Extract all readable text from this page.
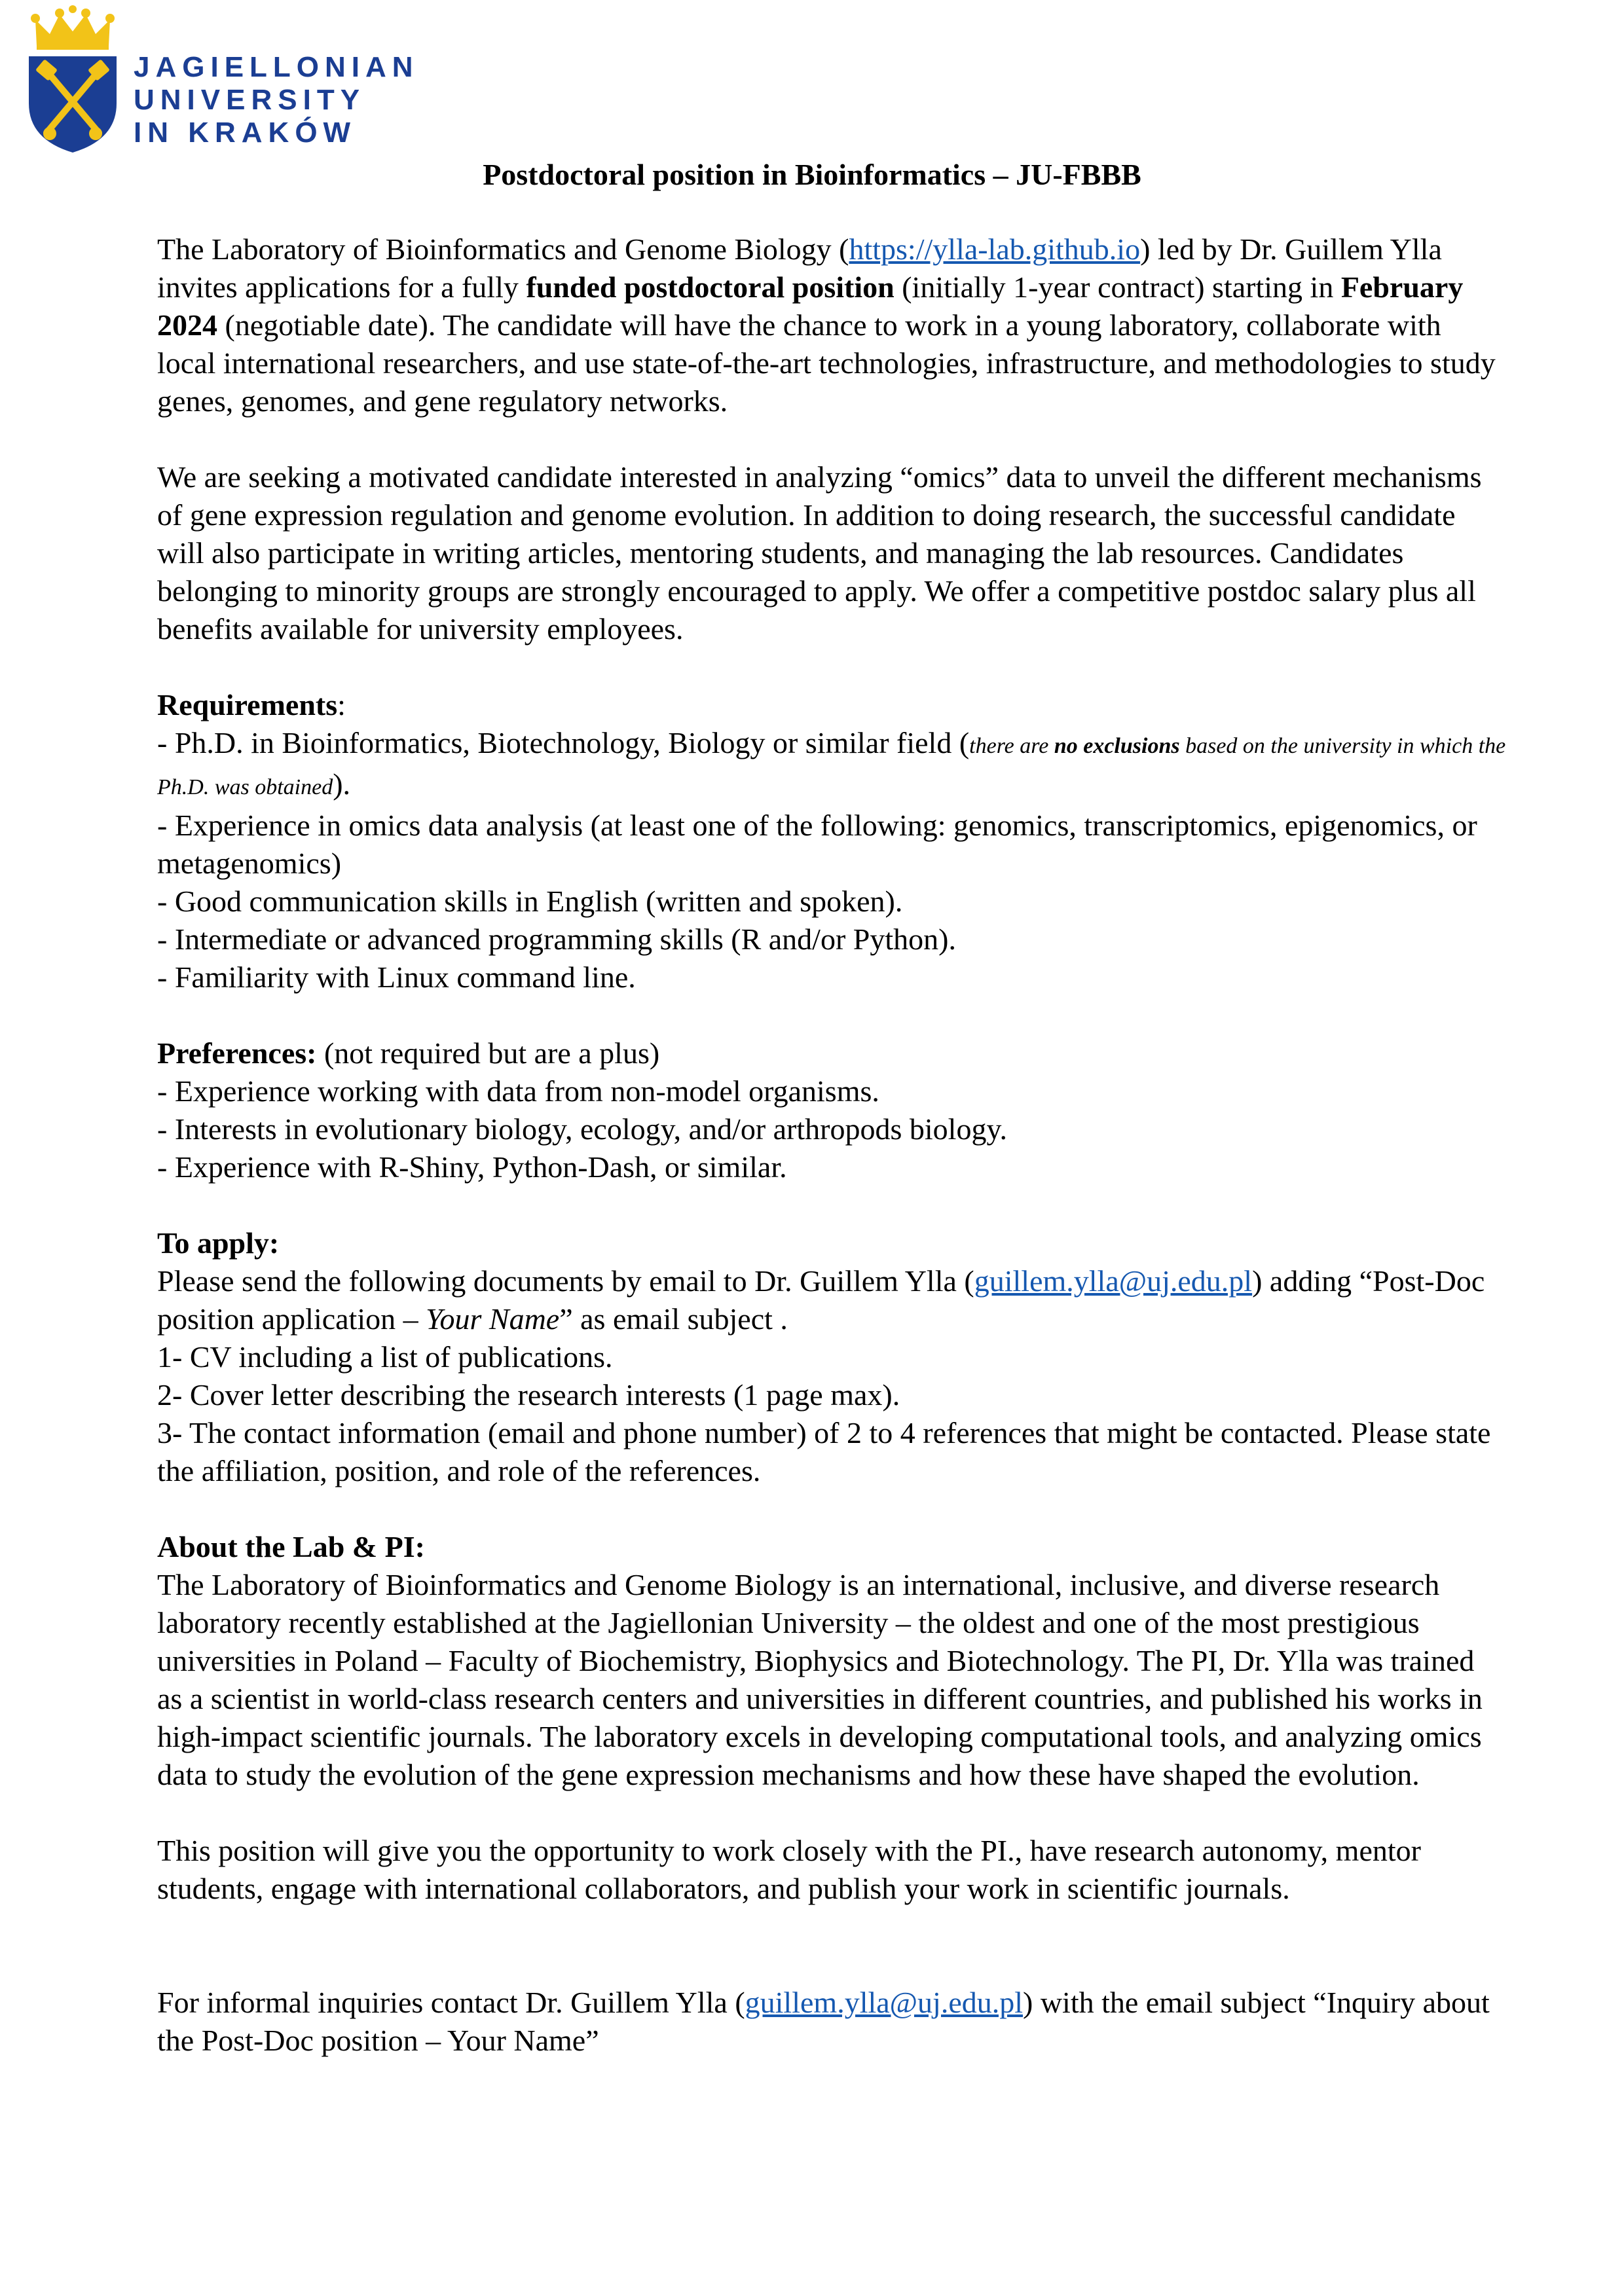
JAGIELLONIAN
UNIVERSITY
IN KRAKÓW
Postdoctoral position in Bioinformatics – JU-FBBB

The Laboratory of Bioinformatics and Genome Biology (https://ylla-lab.github.io) led by Dr. Guillem Ylla invites applications for a fully funded postdoctoral position (initially 1-year contract) starting in February 2024 (negotiable date). The candidate will have the chance to work in a young laboratory, collaborate with local international researchers, and use state-of-the-art technologies, infrastructure, and methodologies to study genes, genomes, and gene regulatory networks.

We are seeking a motivated candidate interested in analyzing “omics” data to unveil the different mechanisms of gene expression regulation and genome evolution. In addition to doing research, the successful candidate will also participate in writing articles, mentoring students, and managing the lab resources. Candidates belonging to minority groups are strongly encouraged to apply. We offer a competitive postdoc salary plus all benefits available for university employees.

Requirements:
- Ph.D. in Bioinformatics, Biotechnology, Biology or similar field (there are no exclusions based on the university in which the Ph.D. was obtained).
- Experience in omics data analysis (at least one of the following: genomics, transcriptomics, epigenomics, or metagenomics)
- Good communication skills in English (written and spoken).
- Intermediate or advanced programming skills (R and/or Python).
- Familiarity with Linux command line.

Preferences: (not required but are a plus)
- Experience working with data from non-model organisms.
- Interests in evolutionary biology, ecology, and/or arthropods biology.
- Experience with R-Shiny, Python-Dash, or similar.

To apply:
Please send the following documents by email to Dr. Guillem Ylla (guillem.ylla@uj.edu.pl) adding “Post-Doc position application – Your Name” as email subject .
1- CV including a list of publications.
2- Cover letter describing the research interests (1 page max).
3- The contact information (email and phone number) of 2 to 4 references that might be contacted. Please state the affiliation, position, and role of the references.

About the Lab & PI:
The Laboratory of Bioinformatics and Genome Biology is an international, inclusive, and diverse research laboratory recently established at the Jagiellonian University – the oldest and one of the most prestigious universities in Poland – Faculty of Biochemistry, Biophysics and Biotechnology. The PI, Dr. Ylla was trained as a scientist in world-class research centers and universities in different countries, and published his works in high-impact scientific journals. The laboratory excels in developing computational tools, and analyzing omics data to study the evolution of the gene expression mechanisms and how these have shaped the evolution.

This position will give you the opportunity to work closely with the PI., have research autonomy, mentor students, engage with international collaborators, and publish your work in scientific journals.

For informal inquiries contact Dr. Guillem Ylla (guillem.ylla@uj.edu.pl) with the email subject “Inquiry about the Post-Doc position – Your Name”
